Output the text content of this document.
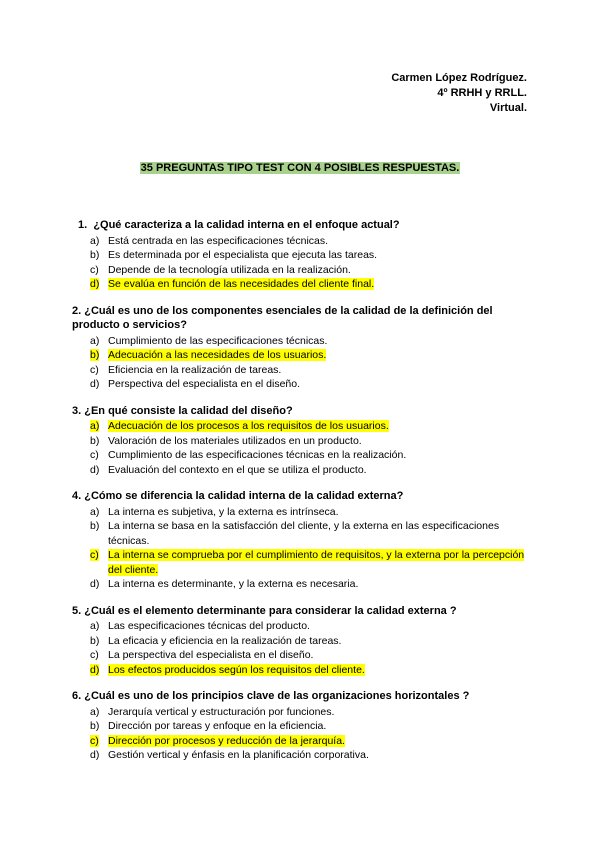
Carmen López Rodríguez.
4º RRHH y RRLL.
Virtual.
35 PREGUNTAS TIPO TEST CON 4 POSIBLES RESPUESTAS.
1. ¿Qué caracteriza a la calidad interna en el enfoque actual?
a) Está centrada en las especificaciones técnicas.
b) Es determinada por el especialista que ejecuta las tareas.
c) Depende de la tecnología utilizada en la realización.
d) Se evalúa en función de las necesidades del cliente final.
2. ¿Cuál es uno de los componentes esenciales de la calidad de la definición del producto o servicios?
a) Cumplimiento de las especificaciones técnicas.
b) Adecuación a las necesidades de los usuarios.
c) Eficiencia en la realización de tareas.
d) Perspectiva del especialista en el diseño.
3. ¿En qué consiste la calidad del diseño?
a) Adecuación de los procesos a los requisitos de los usuarios.
b) Valoración de los materiales utilizados en un producto.
c) Cumplimiento de las especificaciones técnicas en la realización.
d) Evaluación del contexto en el que se utiliza el producto.
4. ¿Cómo se diferencia la calidad interna de la calidad externa?
a) La interna es subjetiva, y la externa es intrínseca.
b) La interna se basa en la satisfacción del cliente, y la externa en las especificaciones técnicas.
c) La interna se comprueba por el cumplimiento de requisitos, y la externa por la percepción del cliente.
d) La interna es determinante, y la externa es necesaria.
5. ¿Cuál es el elemento determinante para considerar la calidad externa ?
a) Las especificaciones técnicas del producto.
b) La eficacia y eficiencia en la realización de tareas.
c) La perspectiva del especialista en el diseño.
d) Los efectos producidos según los requisitos del cliente.
6. ¿Cuál es uno de los principios clave de las organizaciones horizontales ?
a) Jerarquía vertical y estructuración por funciones.
b) Dirección por tareas y enfoque en la eficiencia.
c) Dirección por procesos y reducción de la jerarquía.
d) Gestión vertical y énfasis en la planificación corporativa.
